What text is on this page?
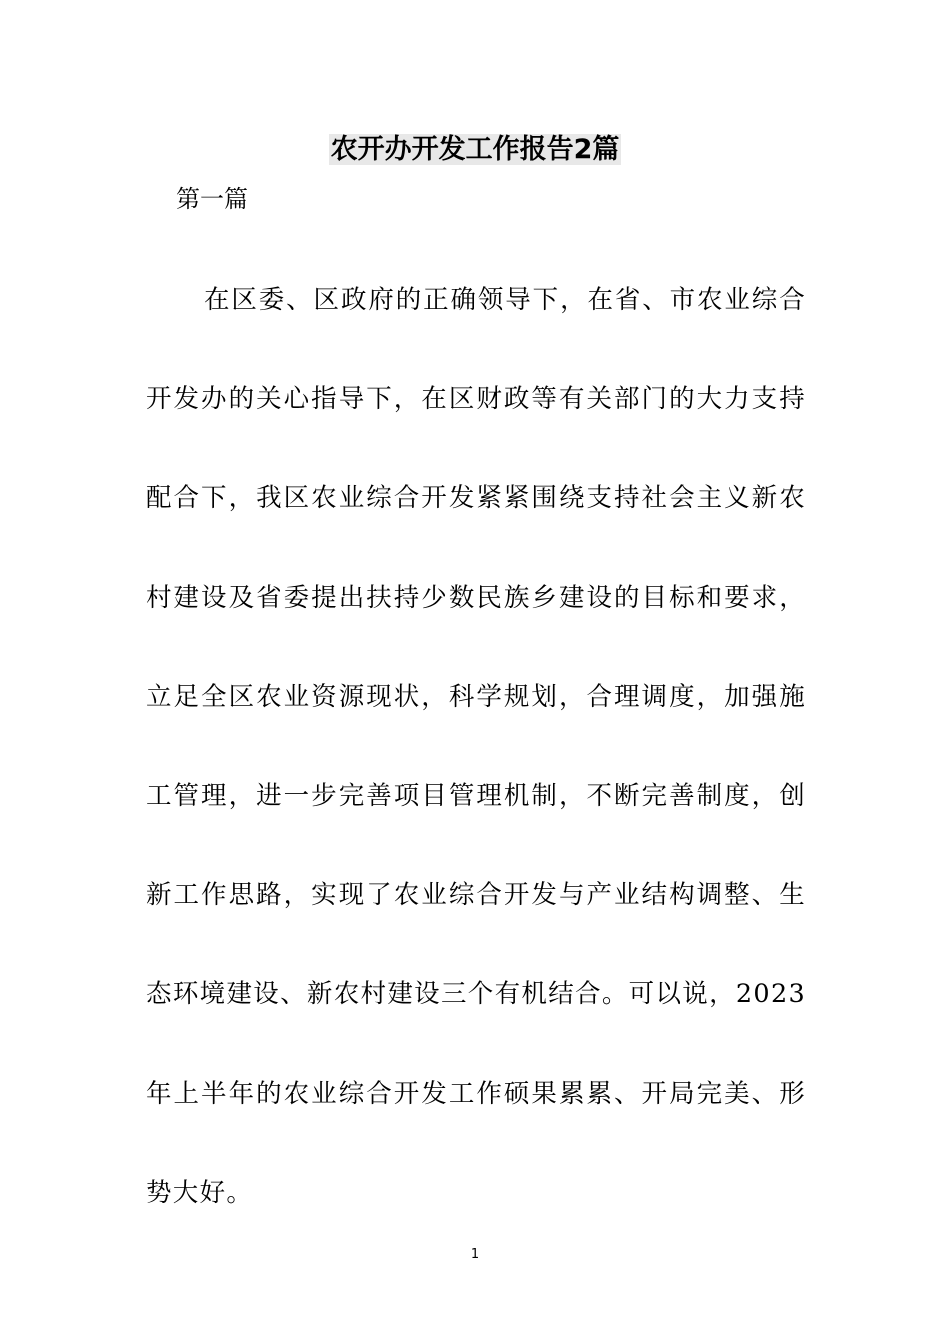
农开办开发工作报告2篇
第一篇

在区委、区政府的正确领导下，在省、市农业综合开发办的关心指导下，在区财政等有关部门的大力支持配合下，我区农业综合开发紧紧围绕支持社会主义新农村建设及省委提出扶持少数民族乡建设的目标和要求，立足全区农业资源现状，科学规划，合理调度，加强施工管理，进一步完善项目管理机制，不断完善制度，创新工作思路，实现了农业综合开发与产业结构调整、生态环境建设、新农村建设三个有机结合。可以说，2023年上半年的农业综合开发工作硕果累累、开局完美、形势大好。

1
